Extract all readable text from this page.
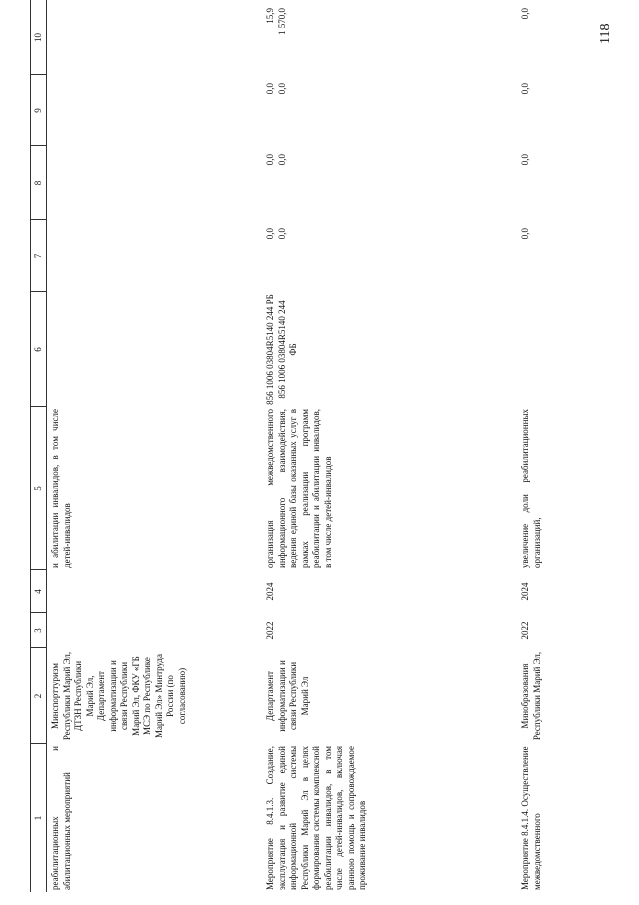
118
1
2
3
4
5
6
7
8
9
10
реабилитационных и абилитационных мероприятий
Минспорттуризм Республики Марий Эл, ДТЗН Республики Марий Эл, Департамент информатизации и связи Республики Марий Эл, ФКУ «ГБ МСЭ по Республике Марий Эл» Минтруда России (по согласованию)
и абилитации инвалидов, в том числе детей-инвалидов
Мероприятие 8.4.1.3. Создание, эксплуатация и развитие единой информационной системы Республики Марий Эл в целях формирования системы комплексной реабилитации инвалидов, в том числе детей-инвалидов, включая раннюю помощь и сопровождаемое проживание инвалидов
Департамент информатизации и связи Республики Марий Эл
2022
2024
организация межведомственного информационного взаимодействия, ведения единой базы оказанных услуг в рамках реализации программ реабилитации и абилитации инвалидов, в том числе детей-инвалидов
856 1006 03804R5140 244 РБ 856 1006 03804R5140 244 ФБ
0,0 0,0
0,0 0,0
0,0 0,0
15,9 1 570,0
Мероприятие 8.4.1.4. Осуществление межведомственного
Минобразования Республики Марий Эл,
2022
2024
увеличение доли реабилитационных организаций,
0,0
0,0
0,0
0,0
